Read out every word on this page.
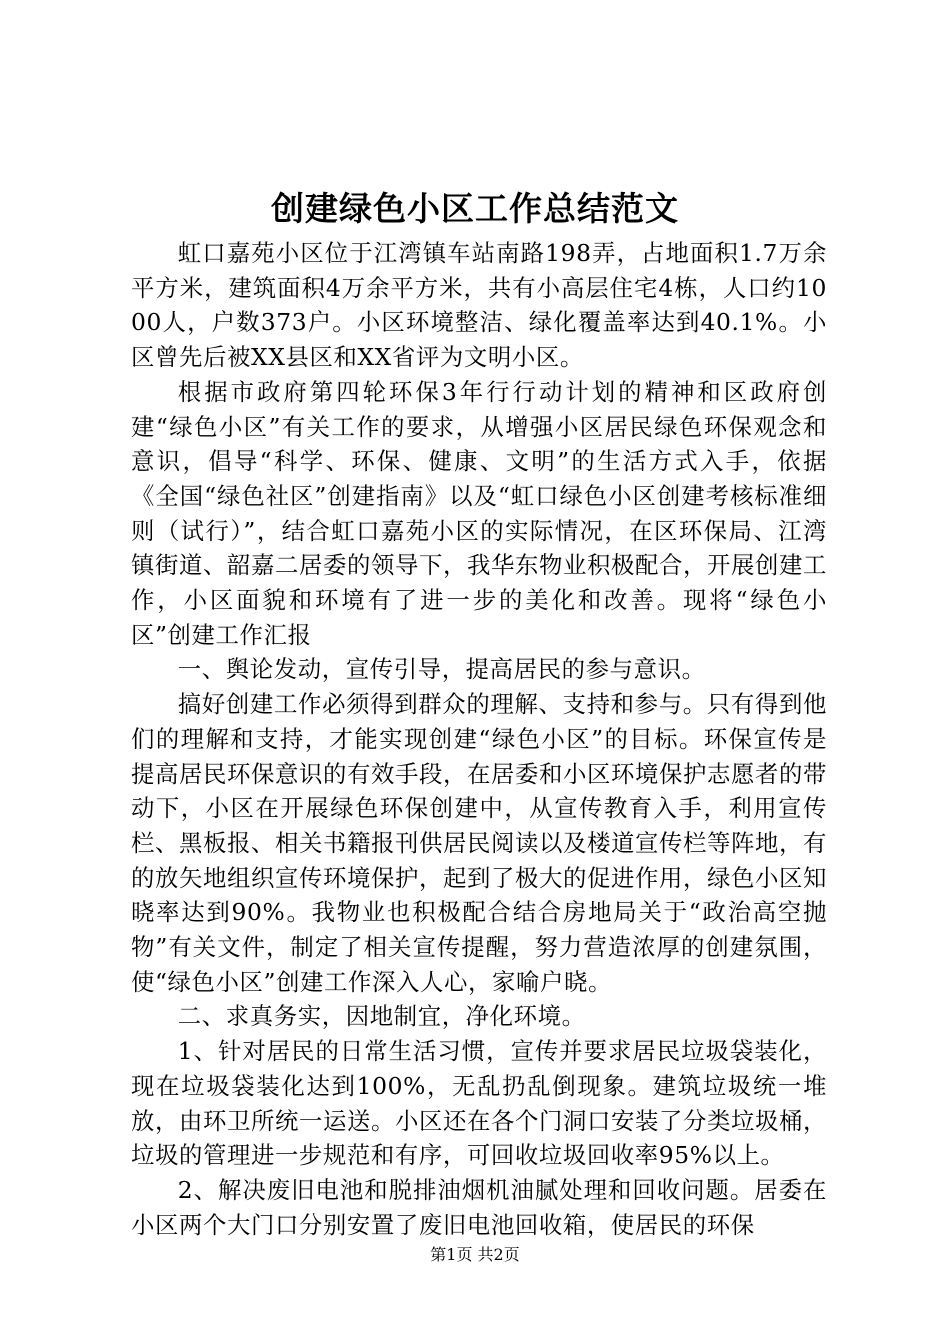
创建绿色小区工作总结范文

虹口嘉苑小区位于江湾镇车站南路198弄，占地面积1.7万余平方米，建筑面积4万余平方米，共有小高层住宅4栋，人口约1000人，户数373户。小区环境整洁、绿化覆盖率达到40.1%。小区曾先后被XX县区和XX省评为文明小区。

根据市政府第四轮环保3年行行动计划的精神和区政府创建“绿色小区”有关工作的要求，从增强小区居民绿色环保观念和意识，倡导“科学、环保、健康、文明”的生活方式入手，依据《全国“绿色社区”创建指南》以及“虹口绿色小区创建考核标准细则（试行）”，结合虹口嘉苑小区的实际情况，在区环保局、江湾镇街道、韶嘉二居委的领导下，我华东物业积极配合，开展创建工作，小区面貌和环境有了进一步的美化和改善。现将“绿色小区”创建工作汇报

一、舆论发动，宣传引导，提高居民的参与意识。

搞好创建工作必须得到群众的理解、支持和参与。只有得到他们的理解和支持，才能实现创建“绿色小区”的目标。环保宣传是提高居民环保意识的有效手段，在居委和小区环境保护志愿者的带动下，小区在开展绿色环保创建中，从宣传教育入手，利用宣传栏、黑板报、相关书籍报刊供居民阅读以及楼道宣传栏等阵地，有的放矢地组织宣传环境保护，起到了极大的促进作用，绿色小区知晓率达到90%。我物业也积极配合结合房地局关于“政治高空抛物”有关文件，制定了相关宣传提醒，努力营造浓厚的创建氛围，使“绿色小区”创建工作深入人心，家喻户晓。

二、求真务实，因地制宜，净化环境。

1、针对居民的日常生活习惯，宣传并要求居民垃圾袋装化，现在垃圾袋装化达到100%，无乱扔乱倒现象。建筑垃圾统一堆放，由环卫所统一运送。小区还在各个门洞口安装了分类垃圾桶，垃圾的管理进一步规范和有序，可回收垃圾回收率95%以上。

2、解决废旧电池和脱排油烟机油腻处理和回收问题。居委在小区两个大门口分别安置了废旧电池回收箱，使居民的环保

第1页 共2页
